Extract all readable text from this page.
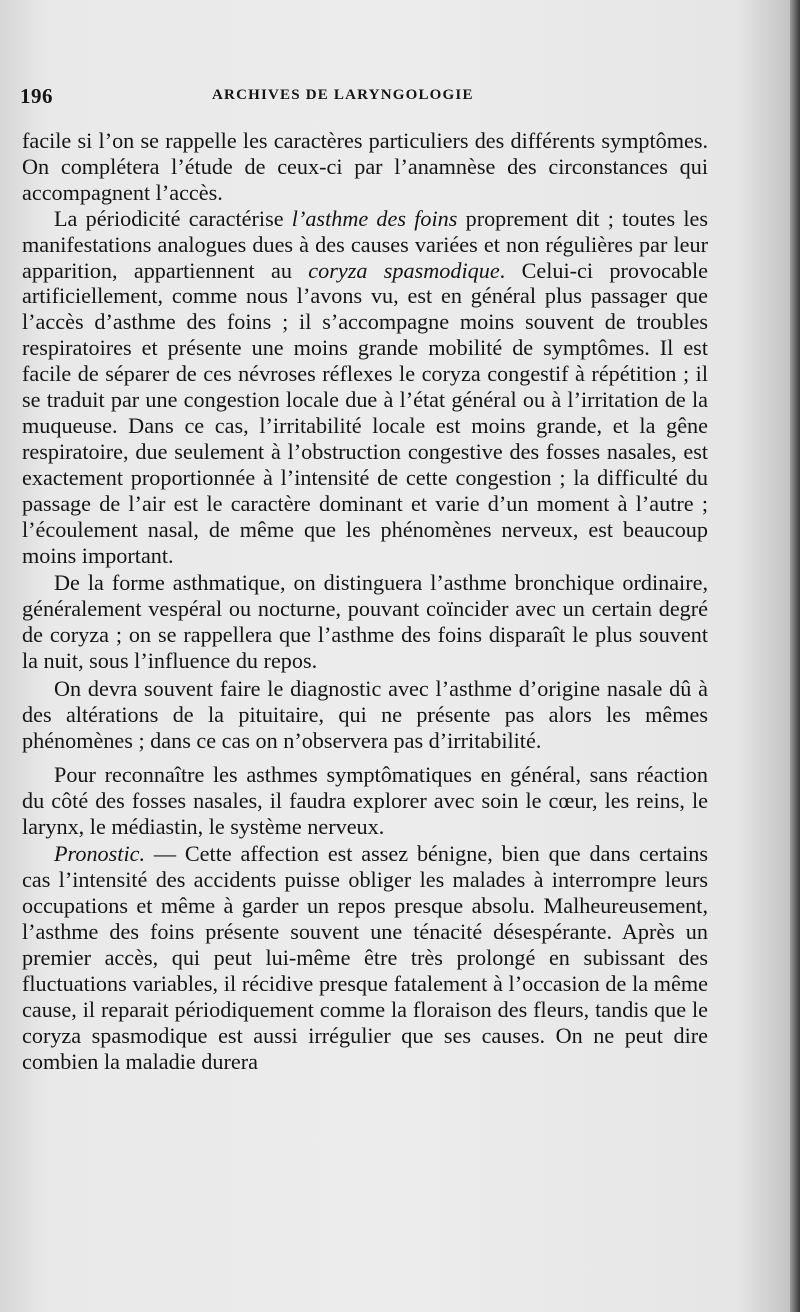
196	ARCHIVES DE LARYNGOLOGIE

facile si l’on se rappelle les caractères particuliers des différents symptômes. On complétera l’étude de ceux-ci par l’anamnèse des circonstances qui accompagnent l’accès.

La périodicité caractérise l’asthme des foins proprement dit ; toutes les manifestations analogues dues à des causes variées et non régulières par leur apparition, appartiennent au coryza spasmodique. Celui-ci provocable artificiellement, comme nous l’avons vu, est en général plus passager que l’accès d’asthme des foins ; il s’accompagne moins souvent de troubles respiratoires et présente une moins grande mobilité de symptômes. Il est facile de séparer de ces névroses réflexes le coryza congestif à répétition ; il se traduit par une congestion locale due à l’état général ou à l’irritation de la muqueuse. Dans ce cas, l’irritabilité locale est moins grande, et la gêne respiratoire, due seulement à l’obstruction congestive des fosses nasales, est exactement proportionnée à l’intensité de cette congestion ; la difficulté du passage de l’air est le caractère dominant et varie d’un moment à l’autre ; l’écoulement nasal, de même que les phénomènes nerveux, est beaucoup moins important.

De la forme asthmatique, on distinguera l’asthme bronchique ordinaire, généralement vespéral ou nocturne, pouvant coïncider avec un certain degré de coryza ; on se rappellera que l’asthme des foins disparaît le plus souvent la nuit, sous l’influence du repos.

On devra souvent faire le diagnostic avec l’asthme d’origine nasale dû à des altérations de la pituitaire, qui ne présente pas alors les mêmes phénomènes ; dans ce cas on n’observera pas d’irritabilité.

Pour reconnaître les asthmes symptômatiques en général, sans réaction du côté des fosses nasales, il faudra explorer avec soin le cœur, les reins, le larynx, le médiastin, le système nerveux.

Pronostic. — Cette affection est assez bénigne, bien que dans certains cas l’intensité des accidents puisse obliger les malades à interrompre leurs occupations et même à garder un repos presque absolu. Malheureusement, l’asthme des foins présente souvent une ténacité désespérante. Après un premier accès, qui peut lui-même être très prolongé en subissant des fluctuations variables, il récidive presque fatalement à l’occasion de la même cause, il reparait périodiquement comme la floraison des fleurs, tandis que le coryza spasmodique est aussi irrégulier que ses causes. On ne peut dire combien la maladie durera
